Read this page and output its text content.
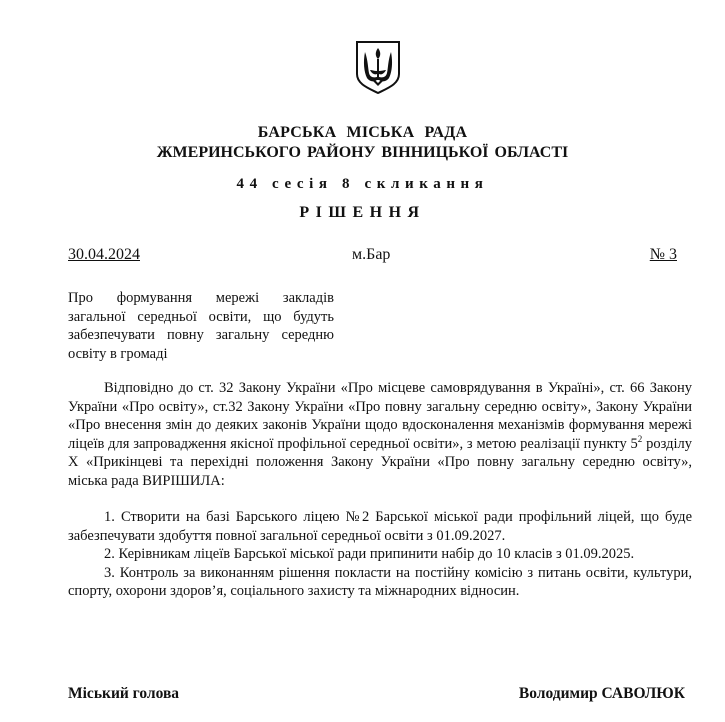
БАРСЬКА МІСЬКА РАДА
ЖМЕРИНСЬКОГО РАЙОНУ ВІННИЦЬКОЇ ОБЛАСТІ
44 сесія 8 скликання
РІШЕННЯ
30.04.2024	м.Бар	№ 3
Про формування мережі закладів загальної середньої освіти, що будуть забезпечувати повну загальну середню освіту в громаді

Відповідно до ст. 32 Закону України «Про місцеве самоврядування в Україні», ст. 66 Закону України «Про освіту», ст.32 Закону України «Про повну загальну середню освіту», Закону України «Про внесення змін до деяких законів України щодо вдосконалення механізмів формування мережі ліцеїв для запровадження якісної профільної середньої освіти», з метою реалізації пункту $5^2$ розділу X «Прикінцеві та перехідні положення Закону України «Про повну загальну середню освіту», міська рада ВИРІШИЛА:

1. Створити на базі Барського ліцею №2 Барської міської ради профільний ліцей, що буде забезпечувати здобуття повної загальної середньої освіти з 01.09.2027.

2. Керівникам ліцеїв Барської міської ради припинити набір до 10 класів з 01.09.2025.

3. Контроль за виконанням рішення покласти на постійну комісію з питань освіти, культури, спорту, охорони здоров’я, соціального захисту та міжнародних відносин.

Міський голова	Володимир САВОЛЮК
